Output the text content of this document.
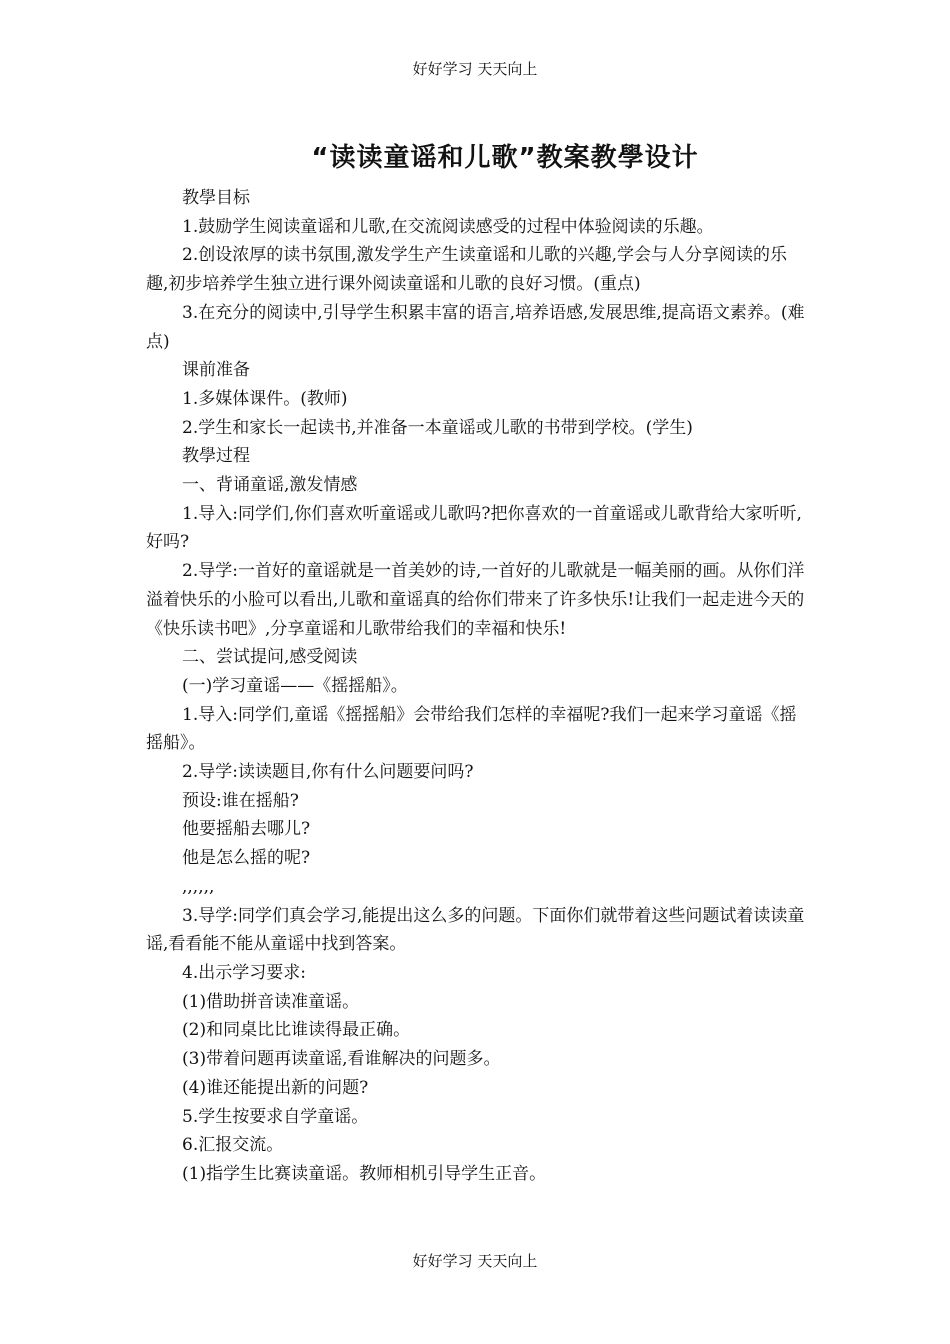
好好学习 天天向上
“读读童谣和儿歌”教案教學设计

教學目标

1.鼓励学生阅读童谣和儿歌,在交流阅读感受的过程中体验阅读的乐趣。

2.创设浓厚的读书氛围,激发学生产生读童谣和儿歌的兴趣,学会与人分享阅读的乐趣,初步培养学生独立进行课外阅读童谣和儿歌的良好习惯。(重点)

3.在充分的阅读中,引导学生积累丰富的语言,培养语感,发展思维,提高语文素养。(难点)

课前准备

1.多媒体课件。(教师)

2.学生和家长一起读书,并准备一本童谣或儿歌的书带到学校。(学生)

教學过程

一、背诵童谣,激发情感

1.导入:同学们,你们喜欢听童谣或儿歌吗?把你喜欢的一首童谣或儿歌背给大家听听,好吗?

2.导学:一首好的童谣就是一首美妙的诗,一首好的儿歌就是一幅美丽的画。从你们洋溢着快乐的小脸可以看出,儿歌和童谣真的给你们带来了许多快乐!让我们一起走进今天的《快乐读书吧》,分享童谣和儿歌带给我们的幸福和快乐!

二、尝试提问,感受阅读

(一)学习童谣——《摇摇船》。

1.导入:同学们,童谣《摇摇船》会带给我们怎样的幸福呢?我们一起来学习童谣《摇摇船》。

2.导学:读读题目,你有什么问题要问吗?

预设:谁在摇船?

他要摇船去哪儿?

他是怎么摇的呢?

,,,,,,

3.导学:同学们真会学习,能提出这么多的问题。下面你们就带着这些问题试着读读童谣,看看能不能从童谣中找到答案。

4.出示学习要求:

(1)借助拼音读准童谣。

(2)和同桌比比谁读得最正确。

(3)带着问题再读童谣,看谁解决的问题多。

(4)谁还能提出新的问题?

5.学生按要求自学童谣。

6.汇报交流。

(1)指学生比赛读童谣。教师相机引导学生正音。

好好学习 天天向上
